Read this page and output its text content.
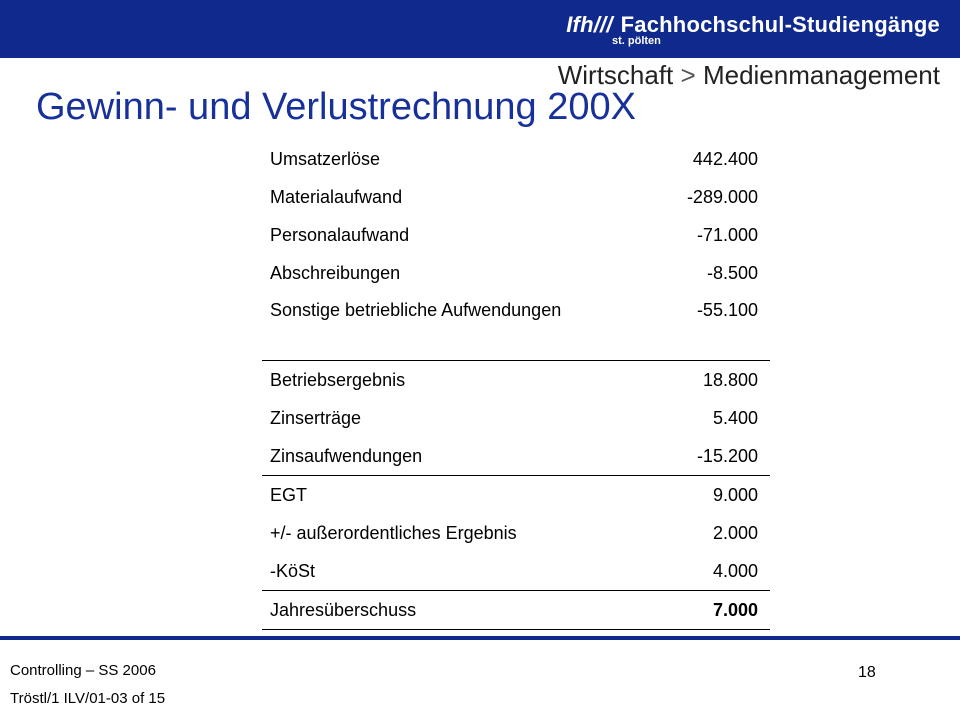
Ifh/// Fachhochschul-Studiengänge
st. pölten
Wirtschaft > Medienmanagement
Gewinn- und Verlustrechnung 200X
Umsatzerlöse	442.400
Materialaufwand	-289.000
Personalaufwand	-71.000
Abschreibungen	-8.500
Sonstige betriebliche Aufwendungen	-55.100
Betriebsergebnis	18.800
Zinserträge	5.400
Zinsaufwendungen	-15.200
EGT	9.000
+/- außerordentliches Ergebnis	2.000
-KöSt	4.000
Jahresüberschuss	7.000
Controlling – SS 2006
Tröstl/1 ILV/01-03 of 15
18
